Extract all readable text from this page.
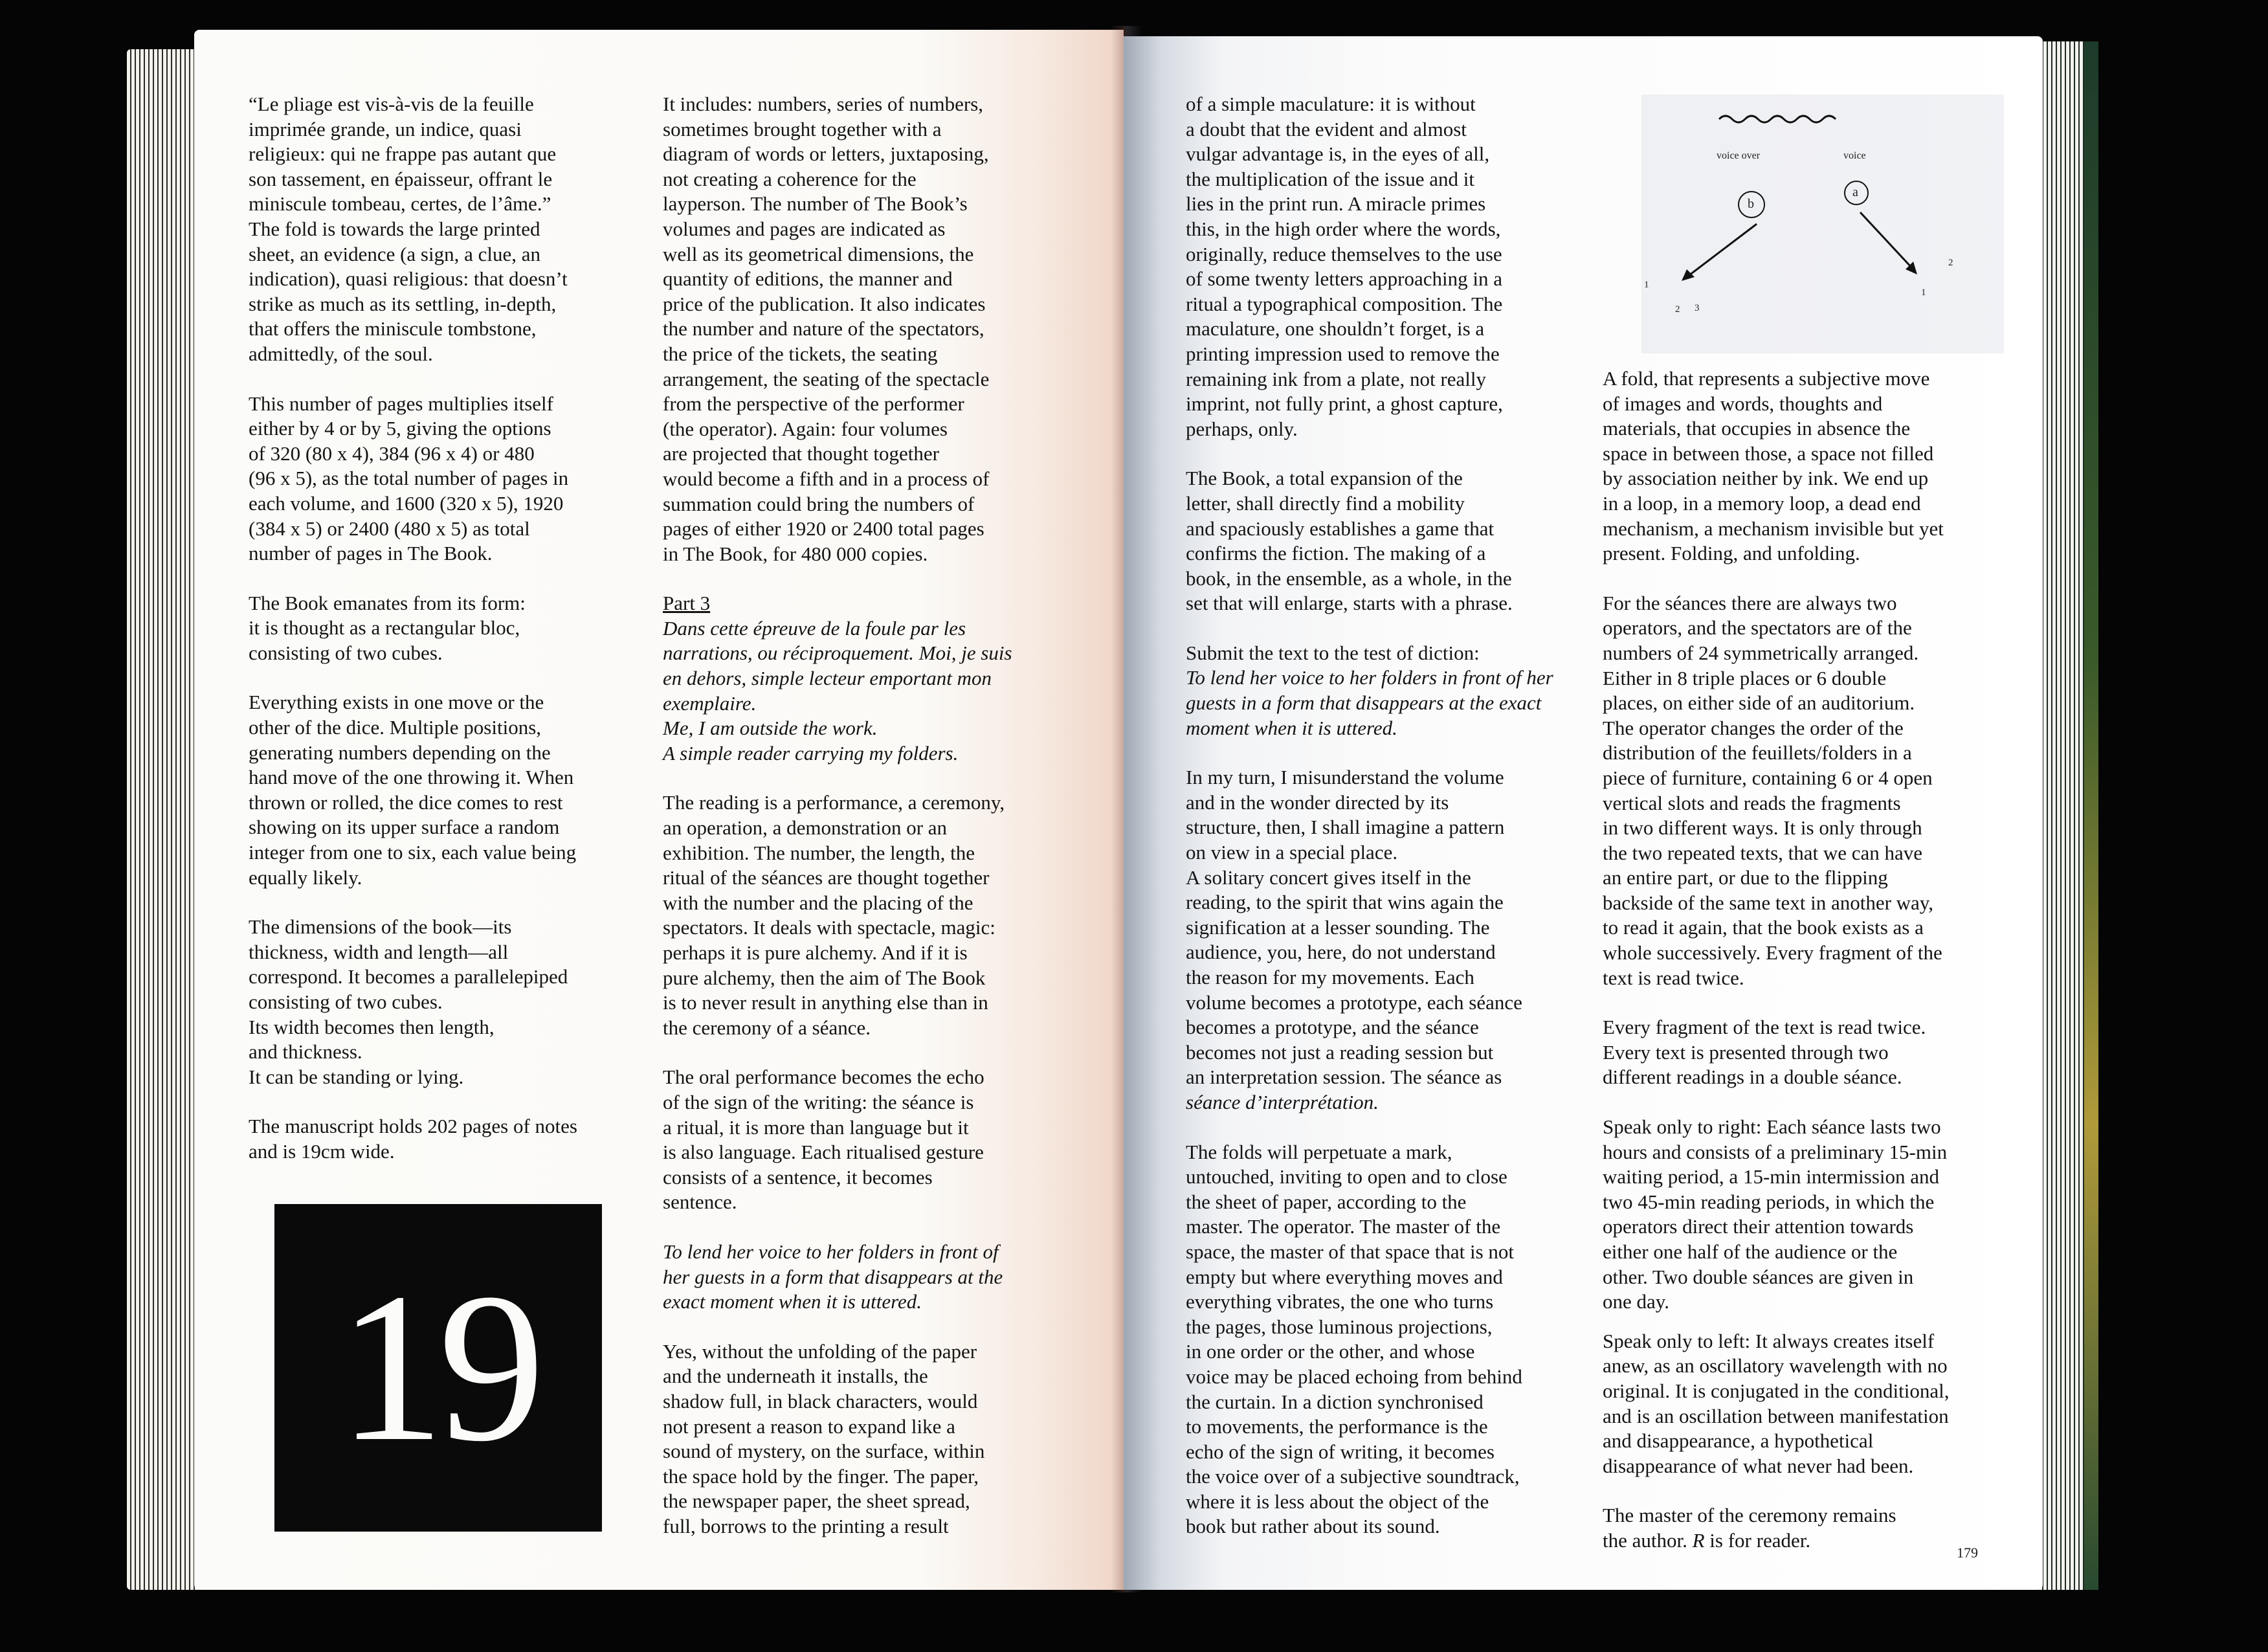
“Le pliage est vis-à-vis de la feuille
imprimée grande, un indice, quasi
religieux: qui ne frappe pas autant que
son tassement, en épaisseur, offrant le
miniscule tombeau, certes, de l’âme.”
The fold is towards the large printed
sheet, an evidence (a sign, a clue, an
indication), quasi religious: that doesn’t
strike as much as its settling, in-depth,
that offers the miniscule tombstone,
admittedly, of the soul.

This number of pages multiplies itself
either by 4 or by 5, giving the options
of 320 (80 x 4), 384 (96 x 4) or 480
(96 x 5), as the total number of pages in
each volume, and 1600 (320 x 5), 1920
(384 x 5) or 2400 (480 x 5) as total
number of pages in The Book.

The Book emanates from its form:
it is thought as a rectangular bloc,
consisting of two cubes.

Everything exists in one move or the
other of the dice. Multiple positions,
generating numbers depending on the
hand move of the one throwing it. When
thrown or rolled, the dice comes to rest
showing on its upper surface a random
integer from one to six, each value being
equally likely.

The dimensions of the book—its
thickness, width and length—all
correspond. It becomes a parallelepiped
consisting of two cubes.
Its width becomes then length,
and thickness.
It can be standing or lying.

The manuscript holds 202 pages of notes
and is 19cm wide.

19

It includes: numbers, series of numbers,
sometimes brought together with a
diagram of words or letters, juxtaposing,
not creating a coherence for the
layperson. The number of The Book’s
volumes and pages are indicated as
well as its geometrical dimensions, the
quantity of editions, the manner and
price of the publication. It also indicates
the number and nature of the spectators,
the price of the tickets, the seating
arrangement, the seating of the spectacle
from the perspective of the performer
(the operator). Again: four volumes
are projected that thought together
would become a fifth and in a process of
summation could bring the numbers of
pages of either 1920 or 2400 total pages
in The Book, for 480 000 copies.

Part 3

Dans cette épreuve de la foule par les
narrations, ou réciproquement. Moi, je suis
en dehors, simple lecteur emportant mon
exemplaire.
Me, I am outside the work.
A simple reader carrying my folders.

The reading is a performance, a ceremony,
an operation, a demonstration or an
exhibition. The number, the length, the
ritual of the séances are thought together
with the number and the placing of the
spectators. It deals with spectacle, magic:
perhaps it is pure alchemy. And if it is
pure alchemy, then the aim of The Book
is to never result in anything else than in
the ceremony of a séance.

The oral performance becomes the echo
of the sign of the writing: the séance is
a ritual, it is more than language but it
is also language. Each ritualised gesture
consists of a sentence, it becomes
sentence.

To lend her voice to her folders in front of
her guests in a form that disappears at the
exact moment when it is uttered.

Yes, without the unfolding of the paper
and the underneath it installs, the
shadow full, in black characters, would
not present a reason to expand like a
sound of mystery, on the surface, within
the space hold by the finger. The paper,
the newspaper paper, the sheet spread,
full, borrows to the printing a result

of a simple maculature: it is without
a doubt that the evident and almost
vulgar advantage is, in the eyes of all,
the multiplication of the issue and it
lies in the print run. A miracle primes
this, in the high order where the words,
originally, reduce themselves to the use
of some twenty letters approaching in a
ritual a typographical composition. The
maculature, one shouldn’t forget, is a
printing impression used to remove the
remaining ink from a plate, not really
imprint, not fully print, a ghost capture,
perhaps, only.

The Book, a total expansion of the
letter, shall directly find a mobility
and spaciously establishes a game that
confirms the fiction. The making of a
book, in the ensemble, as a whole, in the
set that will enlarge, starts with a phrase.

Submit the text to the test of diction:

To lend her voice to her folders in front of her
guests in a form that disappears at the exact
moment when it is uttered.

In my turn, I misunderstand the volume
and in the wonder directed by its
structure, then, I shall imagine a pattern
on view in a special place.
A solitary concert gives itself in the
reading, to the spirit that wins again the
signification at a lesser sounding. The
audience, you, here, do not understand
the reason for my movements. Each
volume becomes a prototype, each séance
becomes a prototype, and the séance
becomes not just a reading session but
an interpretation session. The séance as
séance d’interprétation.

The folds will perpetuate a mark,
untouched, inviting to open and to close
the sheet of paper, according to the
master. The operator. The master of the
space, the master of that space that is not
empty but where everything moves and
everything vibrates, the one who turns
the pages, those luminous projections,
in one order or the other, and whose
voice may be placed echoing from behind
the curtain. In a diction synchronised
to movements, the performance is the
echo of the sign of writing, it becomes
the voice over of a subjective soundtrack,
where it is less about the object of the
book but rather about its sound.

voice over	voice
b
a
1
2 3
2
1

A fold, that represents a subjective move
of images and words, thoughts and
materials, that occupies in absence the
space in between those, a space not filled
by association neither by ink. We end up
in a loop, in a memory loop, a dead end
mechanism, a mechanism invisible but yet
present. Folding, and unfolding.

For the séances there are always two
operators, and the spectators are of the
numbers of 24 symmetrically arranged.
Either in 8 triple places or 6 double
places, on either side of an auditorium.
The operator changes the order of the
distribution of the feuillets/folders in a
piece of furniture, containing 6 or 4 open
vertical slots and reads the fragments
in two different ways. It is only through
the two repeated texts, that we can have
an entire part, or due to the flipping
backside of the same text in another way,
to read it again, that the book exists as a
whole successively. Every fragment of the
text is read twice.

Every fragment of the text is read twice.
Every text is presented through two
different readings in a double séance.

Speak only to right: Each séance lasts two
hours and consists of a preliminary 15-min
waiting period, a 15-min intermission and
two 45-min reading periods, in which the
operators direct their attention towards
either one half of the audience or the
other. Two double séances are given in
one day.

Speak only to left: It always creates itself
anew, as an oscillatory wavelength with no
original. It is conjugated in the conditional,
and is an oscillation between manifestation
and disappearance, a hypothetical
disappearance of what never had been.

The master of the ceremony remains
the author. R is for reader.

179
